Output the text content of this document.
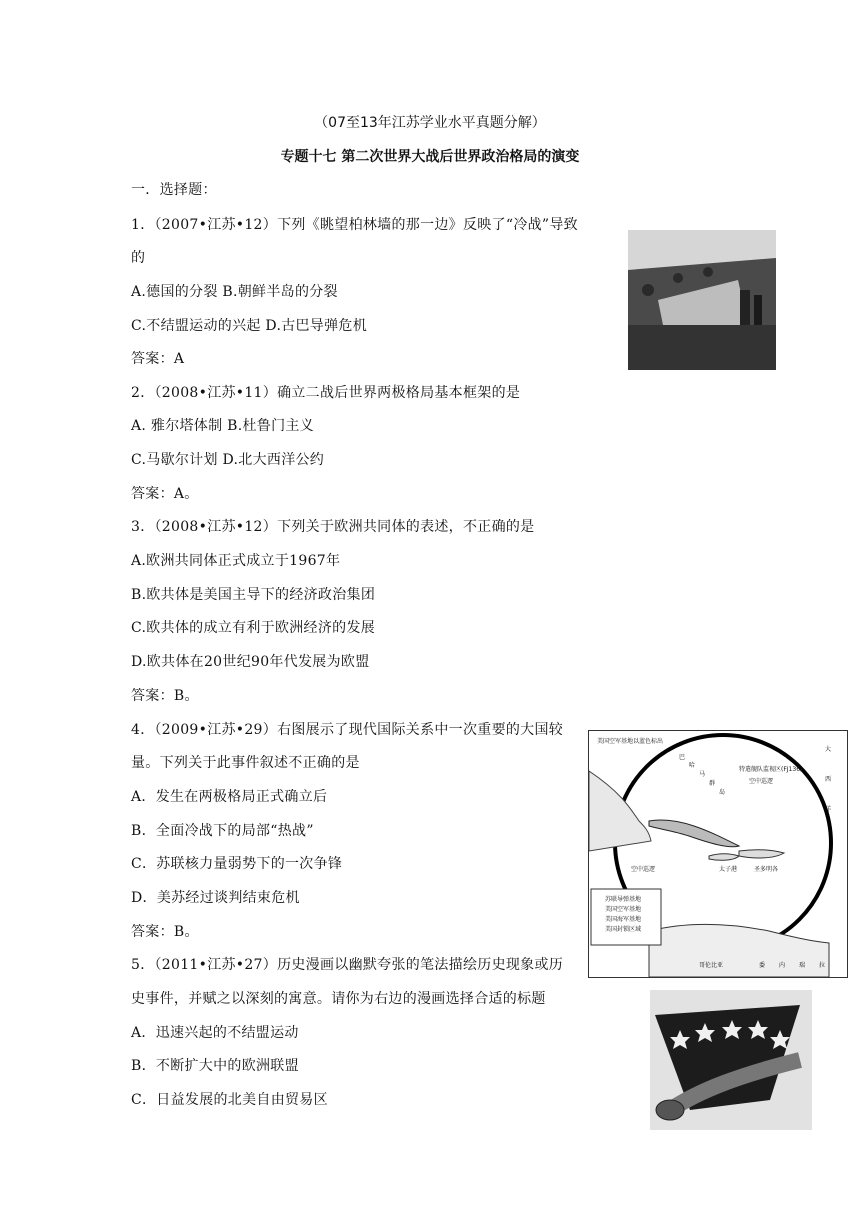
（07至13年江苏学业水平真题分解）
专题十七 第二次世界大战后世界政治格局的演变
一．选择题：
1．（2007•江苏•12）下列《眺望柏林墙的那一边》反映了“冷战”导致
的
A.德国的分裂 B.朝鲜半岛的分裂
C.不结盟运动的兴起 D.古巴导弹危机
答案：A
2．（2008•江苏•11）确立二战后世界两极格局基本框架的是
A. 雅尔塔体制 B.杜鲁门主义
C.马歇尔计划 D.北大西洋公约
答案：A。
3．（2008•江苏•12）下列关于欧洲共同体的表述，不正确的是
A.欧洲共同体正式成立于1967年
B.欧共体是美国主导下的经济政治集团
C.欧共体的成立有利于欧洲经济的发展
D.欧共体在20世纪90年代发展为欧盟
答案：B。
4．（2009•江苏•29）右图展示了现代国际关系中一次重要的大国较
量。下列关于此事件叙述不正确的是
A．发生在两极格局正式确立后
B．全面冷战下的局部“热战”
C．苏联核力量弱势下的一次争锋
D．美苏经过谈判结束危机
答案：B。
5．（2011•江苏•27）历史漫画以幽默夸张的笔法描绘历史现象或历
史事件，并赋之以深刻的寓意。请你为右边的漫画选择合适的标题
A．迅速兴起的不结盟运动
B．不断扩大中的欧洲联盟
C．日益发展的北美自由贸易区
美国空军基地以蓝色标出
巴
哈
马
群
岛
特遣舰队监视区(FJ136)
空中巡逻
空中巡逻
大
西
洋
太子港	圣多明各
苏联导弹基地
美国空军基地
美国海军基地
美国封锁区域
哥伦比亚	委 内 瑞 拉
